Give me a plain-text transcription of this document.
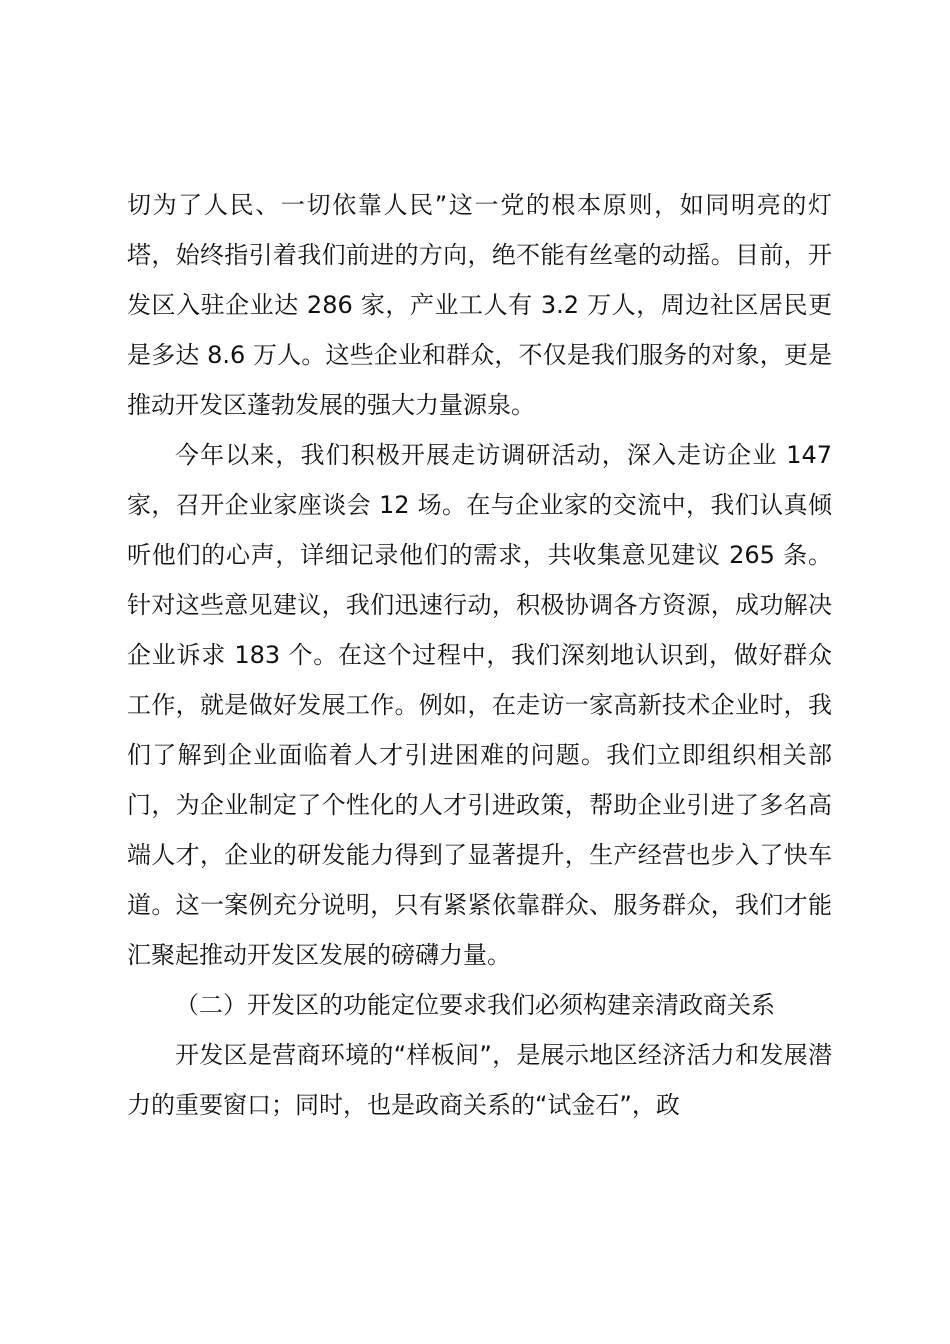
切为了人民、一切依靠人民”这一党的根本原则，如同明亮的灯塔，始终指引着我们前进的方向，绝不能有丝毫的动摇。目前，开发区入驻企业达 286 家，产业工人有 3.2 万人，周边社区居民更是多达 8.6 万人。这些企业和群众，不仅是我们服务的对象，更是推动开发区蓬勃发展的强大力量源泉。

今年以来，我们积极开展走访调研活动，深入走访企业 147 家，召开企业家座谈会 12 场。在与企业家的交流中，我们认真倾听他们的心声，详细记录他们的需求，共收集意见建议 265 条。针对这些意见建议，我们迅速行动，积极协调各方资源，成功解决企业诉求 183 个。在这个过程中，我们深刻地认识到，做好群众工作，就是做好发展工作。例如，在走访一家高新技术企业时，我们了解到企业面临着人才引进困难的问题。我们立即组织相关部门，为企业制定了个性化的人才引进政策，帮助企业引进了多名高端人才，企业的研发能力得到了显著提升，生产经营也步入了快车道。这一案例充分说明，只有紧紧依靠群众、服务群众，我们才能汇聚起推动开发区发展的磅礴力量。

（二）开发区的功能定位要求我们必须构建亲清政商关系

开发区是营商环境的“样板间”，是展示地区经济活力和发展潜力的重要窗口；同时，也是政商关系的“试金石”，政
